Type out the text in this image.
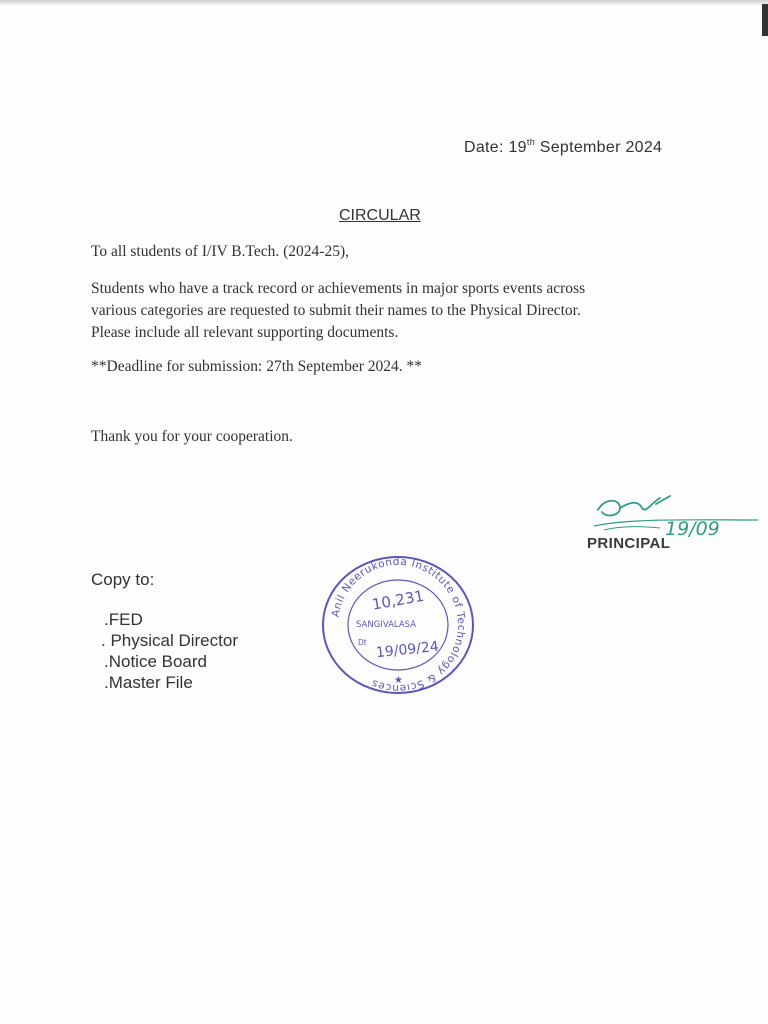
Date: 19th September 2024
CIRCULAR
To all students of I/IV B.Tech. (2024-25),
Students who have a track record or achievements in major sports events across
various categories are requested to submit their names to the Physical Director.
Please include all relevant supporting documents.
**Deadline for submission: 27th September 2024. **
Thank you for your cooperation.
19/09
PRINCIPAL
Copy to:
.FED
. Physical Director
.Notice Board
.Master File
Anil Neerukonda Institute of Technology & Sciences
10,231
SANGIVALASA
Dt 19/09/24
★
